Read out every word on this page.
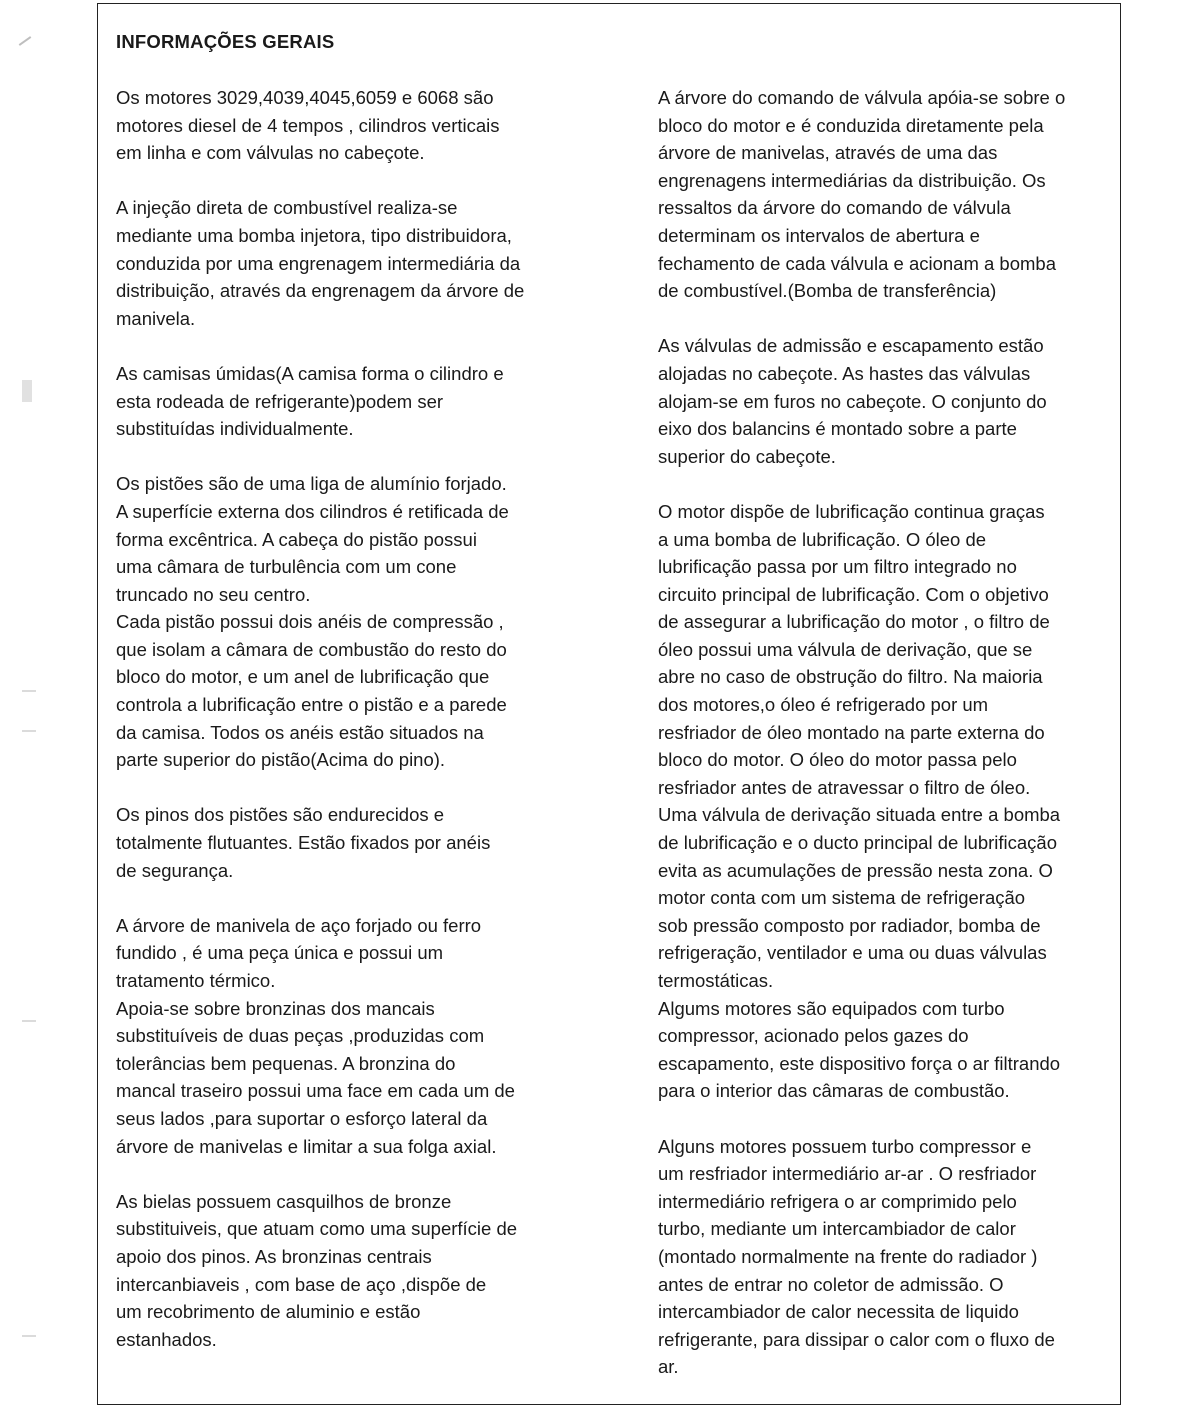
INFORMAÇÕES GERAIS

Os motores 3029,4039,4045,6059 e 6068 são
motores diesel de 4 tempos , cilindros verticais
em linha e com válvulas no cabeçote.

A injeção direta de combustível realiza-se
mediante uma bomba injetora, tipo distribuidora,
conduzida por uma engrenagem intermediária da
distribuição, através da engrenagem da árvore de
manivela.

As camisas úmidas(A camisa forma o cilindro e
esta rodeada de refrigerante)podem ser
substituídas individualmente.

Os pistões são de uma liga de alumínio forjado.
A superfície externa dos cilindros é retificada de
forma excêntrica. A cabeça do pistão possui
uma câmara de turbulência com um cone
truncado no seu centro.
Cada pistão possui dois anéis de compressão ,
que isolam a câmara de combustão do resto do
bloco do motor, e um anel de lubrificação que
controla a lubrificação entre o pistão e a parede
da camisa. Todos os anéis estão situados na
parte superior do pistão(Acima do pino).

Os pinos dos pistões são endurecidos e
totalmente flutuantes. Estão fixados por anéis
de segurança.

A árvore de manivela de aço forjado ou ferro
fundido , é uma peça única e possui um
tratamento térmico.
Apoia-se sobre bronzinas dos mancais
substituíveis de duas peças ,produzidas com
tolerâncias bem pequenas. A bronzina do
mancal traseiro possui uma face em cada um de
seus lados ,para suportar o esforço lateral da
árvore de manivelas e limitar a sua folga axial.

As bielas possuem casquilhos de bronze
substituiveis, que atuam como uma superfície de
apoio dos pinos. As bronzinas centrais
intercanbiaveis , com base de aço ,dispõe de
um recobrimento de aluminio e estão
estanhados.

A árvore do comando de válvula apóia-se sobre o
bloco do motor e é conduzida diretamente pela
árvore de manivelas, através de uma das
engrenagens intermediárias da distribuição. Os
ressaltos da árvore do comando de válvula
determinam os intervalos de abertura e
fechamento de cada válvula e acionam a bomba
de combustível.(Bomba de transferência)

As válvulas de admissão e escapamento estão
alojadas no cabeçote. As hastes das válvulas
alojam-se em furos no cabeçote. O conjunto do
eixo dos balancins é montado sobre a parte
superior do cabeçote.

O motor dispõe de lubrificação continua graças
a uma bomba de lubrificação. O óleo de
lubrificação passa por um filtro integrado no
circuito principal de lubrificação. Com o objetivo
de assegurar a lubrificação do motor , o filtro de
óleo possui uma válvula de derivação, que se
abre no caso de obstrução do filtro. Na maioria
dos motores,o óleo é refrigerado por um
resfriador de óleo montado na parte externa do
bloco do motor. O óleo do motor passa pelo
resfriador antes de atravessar o filtro de óleo.
Uma válvula de derivação situada entre a bomba
de lubrificação e o ducto principal de lubrificação
evita as acumulações de pressão nesta zona. O
motor conta com um sistema de refrigeração
sob pressão composto por radiador, bomba de
refrigeração, ventilador e uma ou duas válvulas
termostáticas.
Algums motores são equipados com turbo
compressor, acionado pelos gazes do
escapamento, este dispositivo força o ar filtrando
para o interior das câmaras de combustão.

Alguns motores possuem turbo compressor e
um resfriador intermediário ar-ar . O resfriador
intermediário refrigera o ar comprimido pelo
turbo, mediante um intercambiador de calor
(montado normalmente na frente do radiador )
antes de entrar no coletor de admissão. O
intercambiador de calor necessita de liquido
refrigerante, para dissipar o calor com o fluxo de
ar.
